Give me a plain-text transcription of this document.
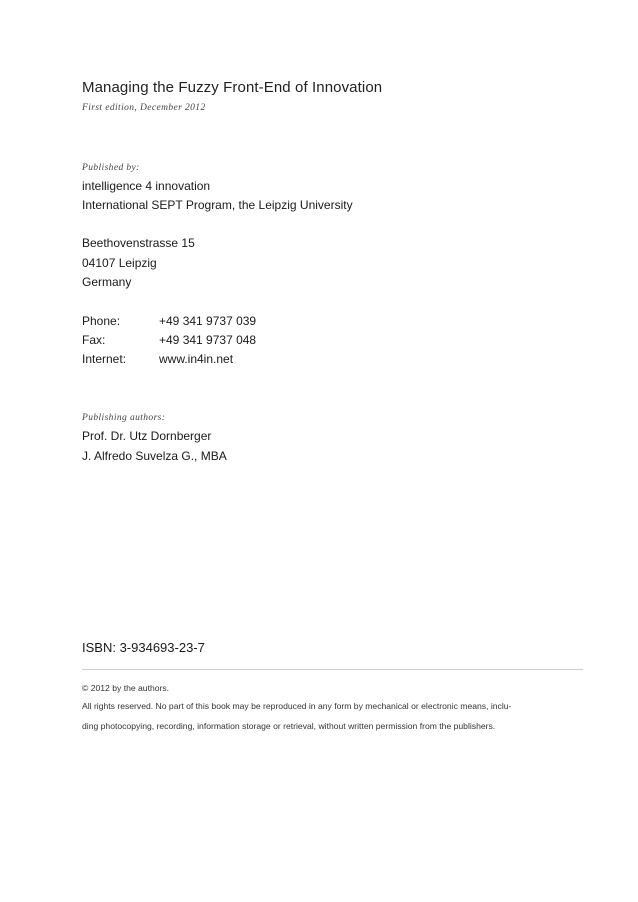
Managing the Fuzzy Front-End of Innovation
First edition, December 2012
Published by:
intelligence 4 innovation
International SEPT Program, the Leipzig University
Beethovenstrasse 15
04107 Leipzig
Germany
Phone:	+49 341 9737 039
Fax:	+49 341 9737 048
Internet:	www.in4in.net
Publishing authors:
Prof. Dr. Utz Dornberger
J. Alfredo Suvelza G., MBA
ISBN: 3-934693-23-7
© 2012 by the authors.
All rights reserved. No part of this book may be reproduced in any form by mechanical or electronic means, inclu-
ding photocopying, recording, information storage or retrieval, without written permission from the publishers.
